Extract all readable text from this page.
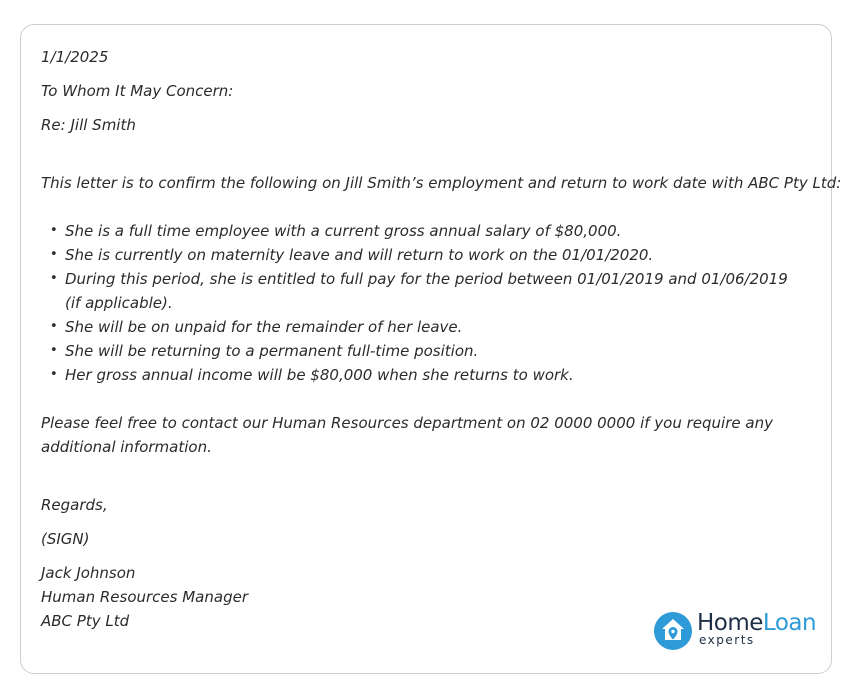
1/1/2025

To Whom It May Concern:

Re: Jill Smith

This letter is to confirm the following on Jill Smith’s employment and return to work date with ABC Pty Ltd:

• She is a full time employee with a current gross annual salary of $80,000.
• She is currently on maternity leave and will return to work on the 01/01/2020.
• During this period, she is entitled to full pay for the period between 01/01/2019 and 01/06/2019 (if applicable).
• She will be on unpaid for the remainder of her leave.
• She will be returning to a permanent full-time position.
• Her gross annual income will be $80,000 when she returns to work.

Please feel free to contact our Human Resources department on 02 0000 0000 if you require any additional information.

Regards,

(SIGN)

Jack Johnson

Human Resources Manager

ABC Pty Ltd	HomeLoan
experts
